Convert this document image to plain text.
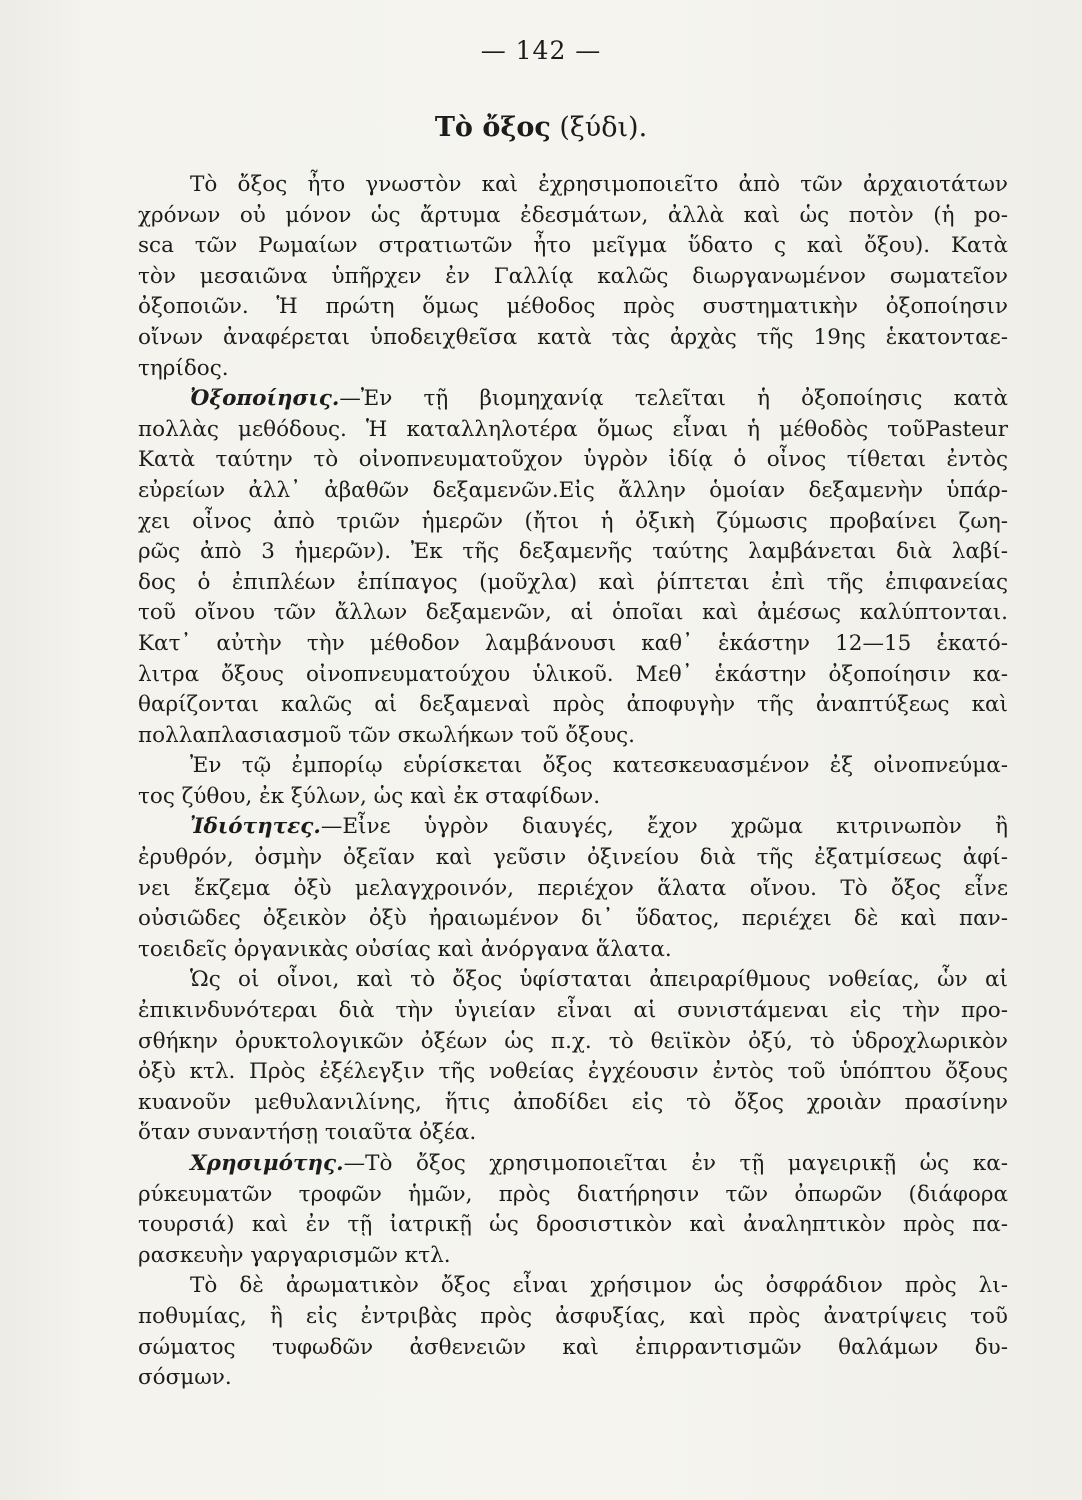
— 142 —
Τὸ ὄξος (ξύδι).
Τὸ ὄξος ἦτο γνωστὸν καὶ ἐχρησιμοποιεῖτο ἀπὸ τῶν ἀρχαιοτάτων
χρόνων οὐ μόνον ὡς ἄρτυμα ἐδεσμάτων, ἀλλὰ καὶ ὡς ποτὸν (ἡ po-
sca τῶν Ρωμαίων στρατιωτῶν ἦτο μεῖγμα ὕδατο ς καὶ ὄξου). Κατὰ
τὸν μεσαιῶνα ὑπῆρχεν ἐν Γαλλίᾳ καλῶς διωργανωμένον σωματεῖον
ὀξοποιῶν. Ἡ πρώτη ὅμως μέθοδος πρὸς συστηματικὴν ὀξοποίησιν
οἴνων ἀναφέρεται ὑποδειχθεῖσα κατὰ τὰς ἀρχὰς τῆς 19ης ἑκατονταε-
τηρίδος.
Ὀξοποίησις.—Ἐν τῇ βιομηχανίᾳ τελεῖται ἡ ὀξοποίησις κατὰ
πολλὰς μεθόδους. Ἡ καταλληλοτέρα ὅμως εἶναι ἡ μέθοδὸς τοῦPasteur
Κατὰ ταύτην τὸ οἰνοπνευματοῦχον ὑγρὸν ἰδίᾳ ὁ οἶνος τίθεται ἐντὸς
εὐρείων ἀλλ᾽ ἀβαθῶν δεξαμενῶν.Εἰς ἄλλην ὁμοίαν δεξαμενὴν ὑπάρ-
χει οἶνος ἀπὸ τριῶν ἡμερῶν (ἤτοι ἡ ὀξικὴ ζύμωσις προβαίνει ζωη-
ρῶς ἀπὸ 3 ἡμερῶν). Ἐκ τῆς δεξαμενῆς ταύτης λαμβάνεται διὰ λαβί-
δος ὁ ἐπιπλέων ἐπίπαγος (μοῦχλα) καὶ ῥίπτεται ἐπὶ τῆς ἐπιφανείας
τοῦ οἴνου τῶν ἄλλων δεξαμενῶν, αἱ ὁποῖαι καὶ ἀμέσως καλύπτονται.
Κατ᾽ αὐτὴν τὴν μέθοδον λαμβάνουσι καθ᾽ ἑκάστην 12—15 ἑκατό-
λιτρα ὄξους οἰνοπνευματούχου ὑλικοῦ. Μεθ᾽ ἑκάστην ὀξοποίησιν κα-
θαρίζονται καλῶς αἱ δεξαμεναὶ πρὸς ἀποφυγὴν τῆς ἀναπτύξεως καὶ
πολλαπλασιασμοῦ τῶν σκωλήκων τοῦ ὄξους.
Ἐν τῷ ἐμπορίῳ εὑρίσκεται ὄξος κατεσκευασμένον ἐξ οἰνοπνεύμα-
τος ζύθου, ἐκ ξύλων, ὡς καὶ ἐκ σταφίδων.
Ἰδιότητες.—Εἶνε ὑγρὸν διαυγές, ἔχον χρῶμα κιτρινωπὸν ἢ
ἐρυθρόν, ὀσμὴν ὀξεῖαν καὶ γεῦσιν ὀξινείου διὰ τῆς ἐξατμίσεως ἀφί-
νει ἔκζεμα ὀξὺ μελαγχροινόν, περιέχον ἅλατα οἴνου. Τὸ ὄξος εἶνε
οὐσιῶδες ὀξεικὸν ὀξὺ ἠραιωμένον δι᾽ ὕδατος, περιέχει δὲ καὶ παν-
τοειδεῖς ὀργανικὰς οὐσίας καὶ ἀνόργανα ἅλατα.
Ὡς οἱ οἶνοι, καὶ τὸ ὄξος ὑφίσταται ἀπειραρίθμους νοθείας, ὧν αἱ
ἐπικινδυνότεραι διὰ τὴν ὑγιείαν εἶναι αἱ συνιστάμεναι εἰς τὴν προ-
σθήκην ὀρυκτολογικῶν ὀξέων ὡς π.χ. τὸ θειϊκὸν ὀξύ, τὸ ὑδροχλωρικὸν
ὀξὺ κτλ. Πρὸς ἐξέλεγξιν τῆς νοθείας ἐγχέουσιν ἐντὸς τοῦ ὑπόπτου ὄξους
κυανοῦν μεθυλανιλίνης, ἥτις ἀποδίδει εἰς τὸ ὄξος χροιὰν πρασίνην
ὅταν συναντήσῃ τοιαῦτα ὀξέα.
Χρησιμότης.—Τὸ ὄξος χρησιμοποιεῖται ἐν τῇ μαγειρικῇ ὡς κα-
ρύκευματῶν τροφῶν ἡμῶν, πρὸς διατήρησιν τῶν ὀπωρῶν (διάφορα
τουρσιά) καὶ ἐν τῇ ἰατρικῇ ὡς δροσιστικὸν καὶ ἀναληπτικὸν πρὸς πα-
ρασκευὴν γαργαρισμῶν κτλ.
Τὸ δὲ ἀρωματικὸν ὄξος εἶναι χρήσιμον ὡς ὀσφράδιον πρὸς λι-
ποθυμίας, ἢ εἰς ἐντριβὰς πρὸς ἀσφυξίας, καὶ πρὸς ἀνατρίψεις τοῦ
σώματος τυφωδῶν ἀσθενειῶν καὶ ἐπιρραντισμῶν θαλάμων δυ-
σόσμων.
